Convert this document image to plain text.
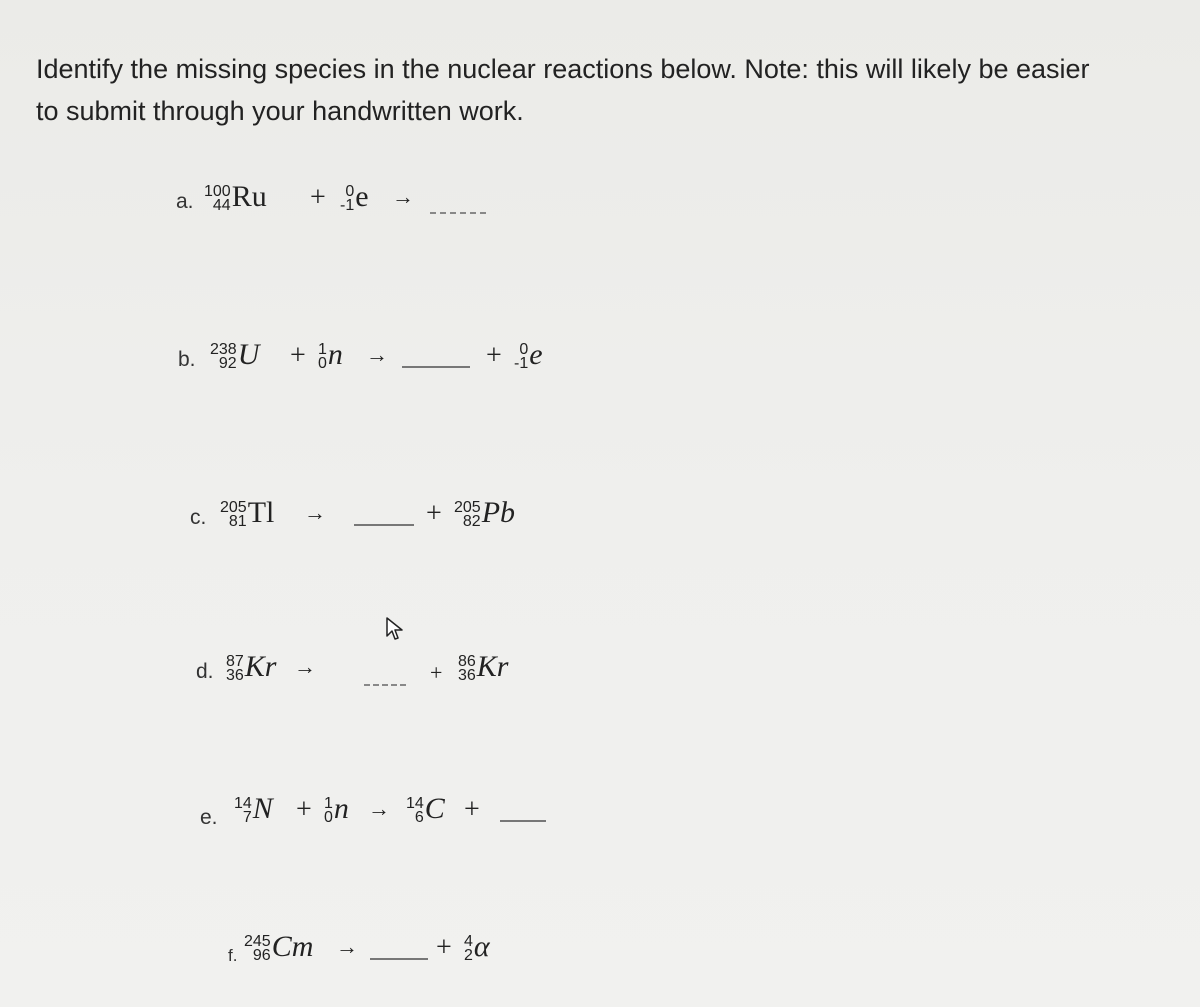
Identify the missing species in the nuclear reactions below. Note: this will likely be easier to submit through your handwritten work.
a. 100
44 Ru +	0
-1 e →
b. 238
92 U + 1
0 n →	+	0
-1 e
c. 205
81 Tl →	+ 205
82 Pb
d. 87
36 Kr →	+ 86
36 Kr
e.
14
7 N + 1
0 n → 14
6 C +
f.
245
96 Cm →	+ 4
2 α
